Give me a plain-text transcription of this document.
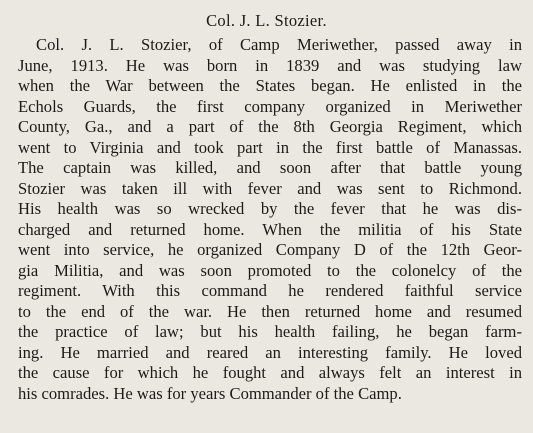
Col. J. L. Stozier.
Col. J. L. Stozier, of Camp Meriwether, passed away in
June, 1913. He was born in 1839 and was studying law
when the War between the States began. He enlisted in the
Echols Guards, the first company organized in Meriwether
County, Ga., and a part of the 8th Georgia Regiment, which
went to Virginia and took part in the first battle of Manassas.
The captain was killed, and soon after that battle young
Stozier was taken ill with fever and was sent to Richmond.
His health was so wrecked by the fever that he was dis-
charged and returned home. When the militia of his State
went into service, he organized Company D of the 12th Geor-
gia Militia, and was soon promoted to the colonelcy of the
regiment. With this command he rendered faithful service
to the end of the war. He then returned home and resumed
the practice of law; but his health failing, he began farm-
ing. He married and reared an interesting family. He loved
the cause for which he fought and always felt an interest in
his comrades. He was for years Commander of the Camp.
